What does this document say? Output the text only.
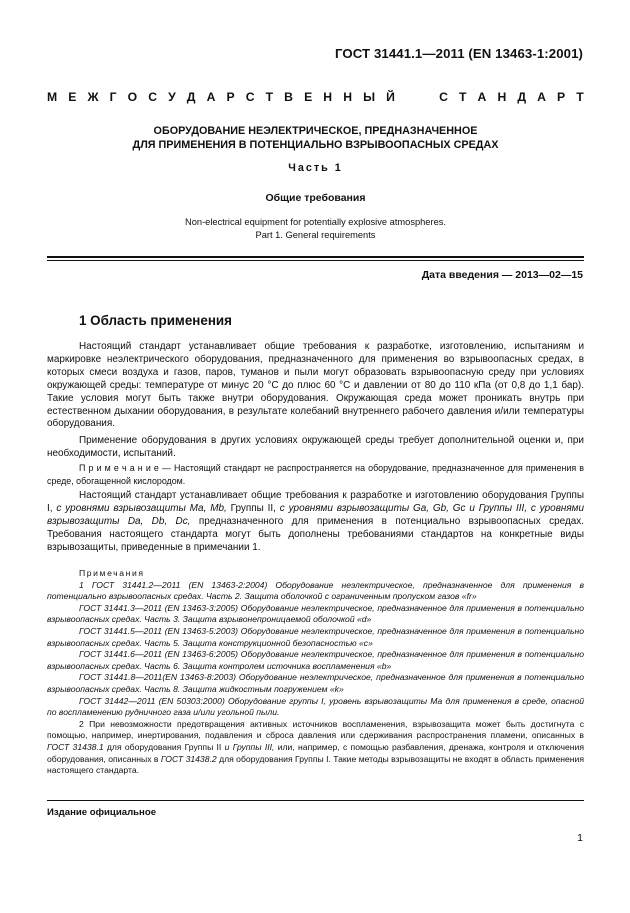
ГОСТ 31441.1—2011 (EN 13463-1:2001)
М Е Ж Г О С У Д А Р С Т В Е Н Н Ы Й	С Т А Н Д А Р Т
ОБОРУДОВАНИЕ НЕЭЛЕКТРИЧЕСКОЕ, ПРЕДНАЗНАЧЕННОЕ
ДЛЯ ПРИМЕНЕНИЯ В ПОТЕНЦИАЛЬНО ВЗРЫВООПАСНЫХ СРЕДАХ
Часть 1
Общие требования
Non-electrical equipment for potentially explosive atmospheres.
Part 1. General requirements
Дата введения — 2013—02—15
1 Область применения

Настоящий стандарт устанавливает общие требования к разработке, изготовлению, испытаниям и маркировке неэлектрического оборудования, предназначенного для применения во взрывоопасных средах, в которых смеси воздуха и газов, паров, туманов и пыли могут образовать взрывоопасную среду при условиях окружающей среды: температуре от минус 20 °С до плюс 60 °С и давлении от 80 до 110 кПа (от 0,8 до 1,1 бар). Такие условия могут быть также внутри оборудования. Окружающая среда может проникать внутрь при естественном дыхании оборудования, в результате колебаний внутреннего рабочего давления и/или температуры оборудования.

Применение оборудования в других условиях окружающей среды требует дополнительной оценки и, при необходимости, испытаний.

П р и м е ч а н и е — Настоящий стандарт не распространяется на оборудование, предназначенное для применения в среде, обогащенной кислородом.

Настоящий стандарт устанавливает общие требования к разработке и изготовлению оборудования Группы I, с уровнями взрывозащиты Ма, Mb, Группы II, с уровнями взрывозащиты Ga, Gb, Gc и Группы III, с уровнями взрывозащиты Da, Db, Dc, предназначенного для применения в потенциально взрывоопасных средах. Требования настоящего стандарта могут быть дополнены требованиями стандартов на конкретные виды взрывозащиты, приведенные в примечании 1.

Примечания

1 ГОСТ 31441.2—2011 (EN 13463-2:2004) Оборудование неэлектрическое, предназначенное для применения в потенциально взрывоопасных средах. Часть 2. Защита оболочкой с ограниченным пропуском газов «fr»

ГОСТ 31441.3—2011 (EN 13463-3:2005) Оборудование неэлектрическое, предназначенное для применения в потенциально взрывоопасных средах. Часть 3. Защита взрывонепроницаемой оболочкой «d»

ГОСТ 31441.5—2011 (EN 13463-5:2003) Оборудование неэлектрическое, предназначенное для применения в потенциально взрывоопасных средах. Часть 5. Защита конструкционной безопасностью «с»

ГОСТ 31441.6—2011 (EN 13463-6:2005) Оборудование неэлектрическое, предназначенное для применения в потенциально взрывоопасных средах. Часть 6. Защита контролем источника воспламенения «b»

ГОСТ 31441.8—2011(EN 13463-8:2003) Оборудование неэлектрическое, предназначенное для применения в потенциально взрывоопасных средах. Часть 8. Защита жидкостным погружением «k»

ГОСТ 31442—2011 (EN 50303:2000) Оборудование группы I, уровень взрывозащиты Ма для применения в среде, опасной по воспламенению рудничного газа и/или угольной пыли.

2 При невозможности предотвращения активных источников воспламенения, взрывозащита может быть достигнута с помощью, например, инертирования, подавления и сброса давления или сдерживания распространения пламени, описанных в ГОСТ 31438.1 для оборудования Группы II и Группы III, или, например, с помощью разбавления, дренажа, контроля и отключения оборудования, описанных в ГОСТ 31438.2 для оборудования Группы I. Такие методы взрывозащиты не входят в область применения настоящего стандарта.

Издание официальное
1
